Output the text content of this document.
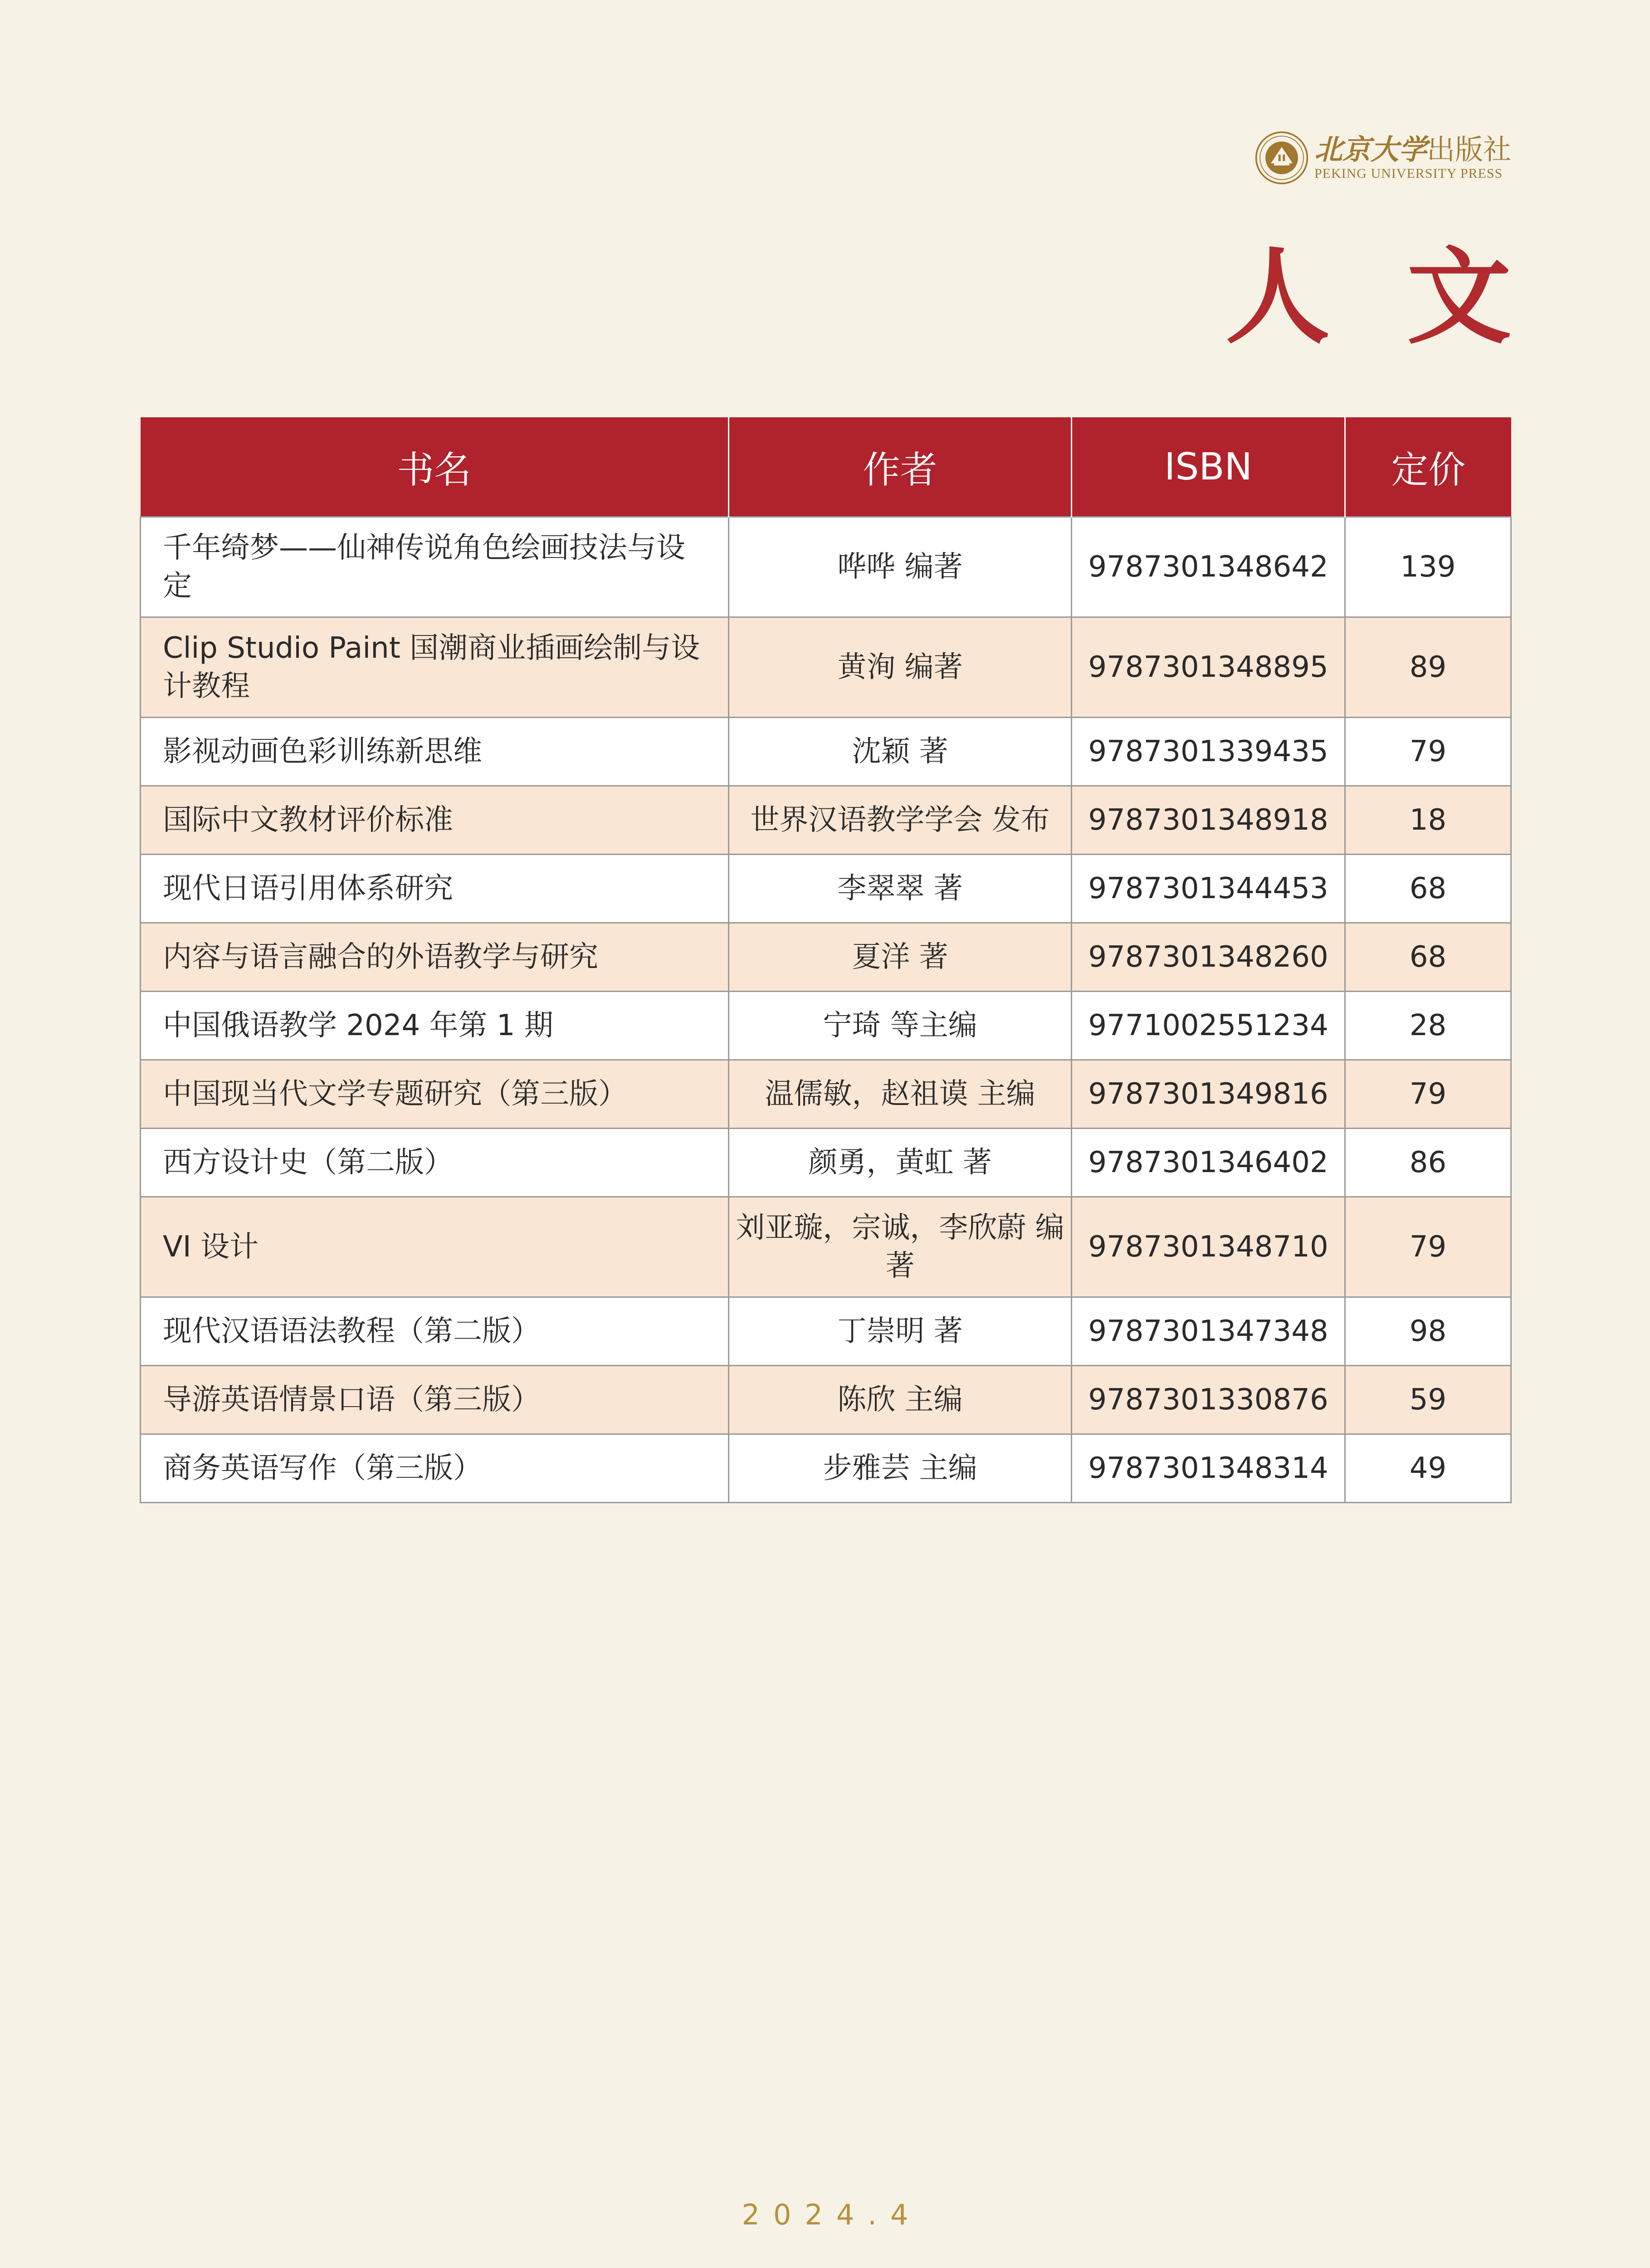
北京大学出版社
PEKING UNIVERSITY PRESS
人文
书名	作者	ISBN	定价
千年绮梦——仙神传说角色绘画技法与设定	哗哗 编著	9787301348642	139
Clip Studio Paint 国潮商业插画绘制与设计教程	黄洵 编著	9787301348895	89
影视动画色彩训练新思维	沈颖 著	9787301339435	79
国际中文教材评价标准	世界汉语教学学会 发布	9787301348918	18
现代日语引用体系研究	李翠翠 著	9787301344453	68
内容与语言融合的外语教学与研究	夏洋 著	9787301348260	68
中国俄语教学 2024 年第 1 期	宁琦 等主编	9771002551234	28
中国现当代文学专题研究（第三版）	温儒敏，赵祖谟 主编	9787301349816	79
西方设计史（第二版）	颜勇，黄虹 著	9787301346402	86
VI 设计	刘亚璇，宗诚，李欣蔚 编著	9787301348710	79
现代汉语语法教程（第二版）	丁崇明 著	9787301347348	98
导游英语情景口语（第三版）	陈欣 主编	9787301330876	59
商务英语写作（第三版）	步雅芸 主编	9787301348314	49
2024.4
